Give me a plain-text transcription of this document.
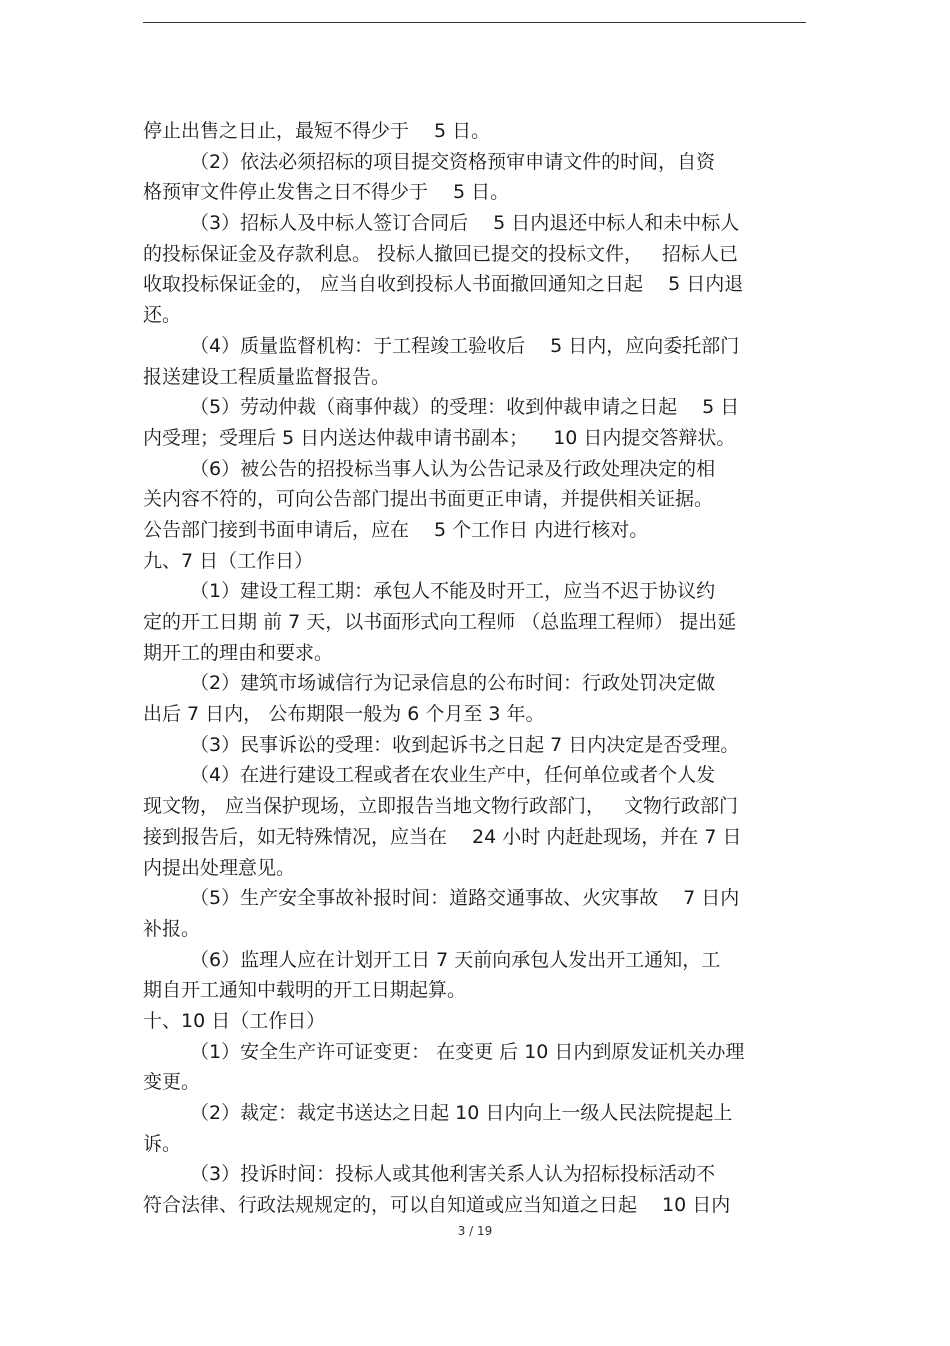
停止出售之日止，最短不得少于  5 日。
（2）依法必须招标的项目提交资格预审申请文件的时间，自资
格预审文件停止发售之日不得少于  5 日。
（3）招标人及中标人签订合同后  5 日内退还中标人和未中标人
的投标保证金及存款利息。 投标人撤回已提交的投标文件， 招标人已
收取投标保证金的， 应当自收到投标人书面撤回通知之日起  5 日内退
还。
（4）质量监督机构：于工程竣工验收后  5 日内，应向委托部门
报送建设工程质量监督报告。
（5）劳动仲裁（商事仲裁）的受理：收到仲裁申请之日起  5 日
内受理；受理后 5 日内送达仲裁申请书副本；  10 日内提交答辩状。
（6）被公告的招投标当事人认为公告记录及行政处理决定的相
关内容不符的，可向公告部门提出书面更正申请，并提供相关证据。
公告部门接到书面申请后，应在  5 个工作日 内进行核对。
九、7 日（工作日）
（1）建设工程工期：承包人不能及时开工，应当不迟于协议约
定的开工日期 前 7 天，以书面形式向工程师 （总监理工程师） 提出延
期开工的理由和要求。
（2）建筑市场诚信行为记录信息的公布时间：行政处罚决定做
出后 7 日内， 公布期限一般为 6 个月至 3 年。
（3）民事诉讼的受理：收到起诉书之日起 7 日内决定是否受理。
（4）在进行建设工程或者在农业生产中，任何单位或者个人发
现文物， 应当保护现场，立即报告当地文物行政部门， 文物行政部门
接到报告后，如无特殊情况，应当在  24 小时 内赶赴现场，并在 7 日
内提出处理意见。
（5）生产安全事故补报时间：道路交通事故、火灾事故  7 日内
补报。
（6）监理人应在计划开工日 7 天前向承包人发出开工通知，工
期自开工通知中载明的开工日期起算。
十、10 日（工作日）
（1）安全生产许可证变更： 在变更 后 10 日内到原发证机关办理
变更。
（2）裁定：裁定书送达之日起 10 日内向上一级人民法院提起上
诉。
（3）投诉时间：投标人或其他利害关系人认为招标投标活动不
符合法律、行政法规规定的，可以自知道或应当知道之日起  10 日内
3 / 19
